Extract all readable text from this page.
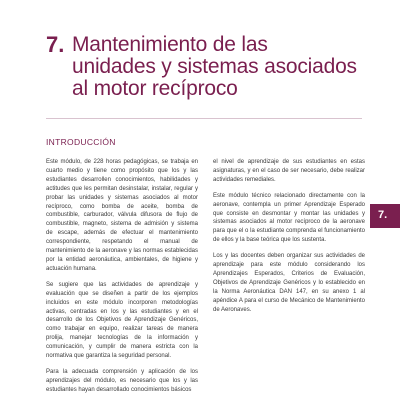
7. Mantenimiento de las
unidades y sistemas asociados
al motor recíproco
INTRODUCCIÓN
Este módulo, de 228 horas pedagógicas, se trabaja en cuarto medio y tiene como propósito que los y las estudiantes desarrollen conocimientos, habilidades y actitudes que les permitan desinstalar, instalar, regular y probar las unidades y sistemas asociados al motor recíproco, como bomba de aceite, bomba de combustible, carburador, válvula difusora de flujo de combustible, magneto, sistema de admisión y sistema de escape, además de efectuar el mantenimiento correspondiente, respetando el manual de mantenimiento de la aeronave y las normas establecidas por la entidad aeronáutica, ambientales, de higiene y actuación humana.
Se sugiere que las actividades de aprendizaje y evaluación que se diseñen a partir de los ejemplos incluidos en este módulo incorporen metodologías activas, centradas en los y las estudiantes y en el desarrollo de los Objetivos de Aprendizaje Genéricos, como trabajar en equipo, realizar tareas de manera prolija, manejar tecnologías de la información y comunicación, y cumplir de manera estricta con la normativa que garantiza la seguridad personal.
Para la adecuada comprensión y aplicación de los aprendizajes del módulo, es necesario que los y las estudiantes hayan desarrollado conocimientos básicos
el nivel de aprendizaje de sus estudiantes en estas asignaturas, y en el caso de ser necesario, debe realizar actividades remediales.
Este módulo técnico relacionado directamente con la aeronave, contempla un primer Aprendizaje Esperado que consiste en desmontar y montar las unidades y sistemas asociados al motor recíproco de la aeronave para que el o la estudiante comprenda el funcionamiento de ellos y la base teórica que los sustenta.
Los y las docentes deben organizar sus actividades de aprendizaje para este módulo considerando los Aprendizajes Esperados, Criterios de Evaluación, Objetivos de Aprendizaje Genéricos y lo establecido en la Norma Aeronáutica DAN 147, en su anexo 1 al apéndice A para el curso de Mecánico de Mantenimiento de Aeronaves.
7.
